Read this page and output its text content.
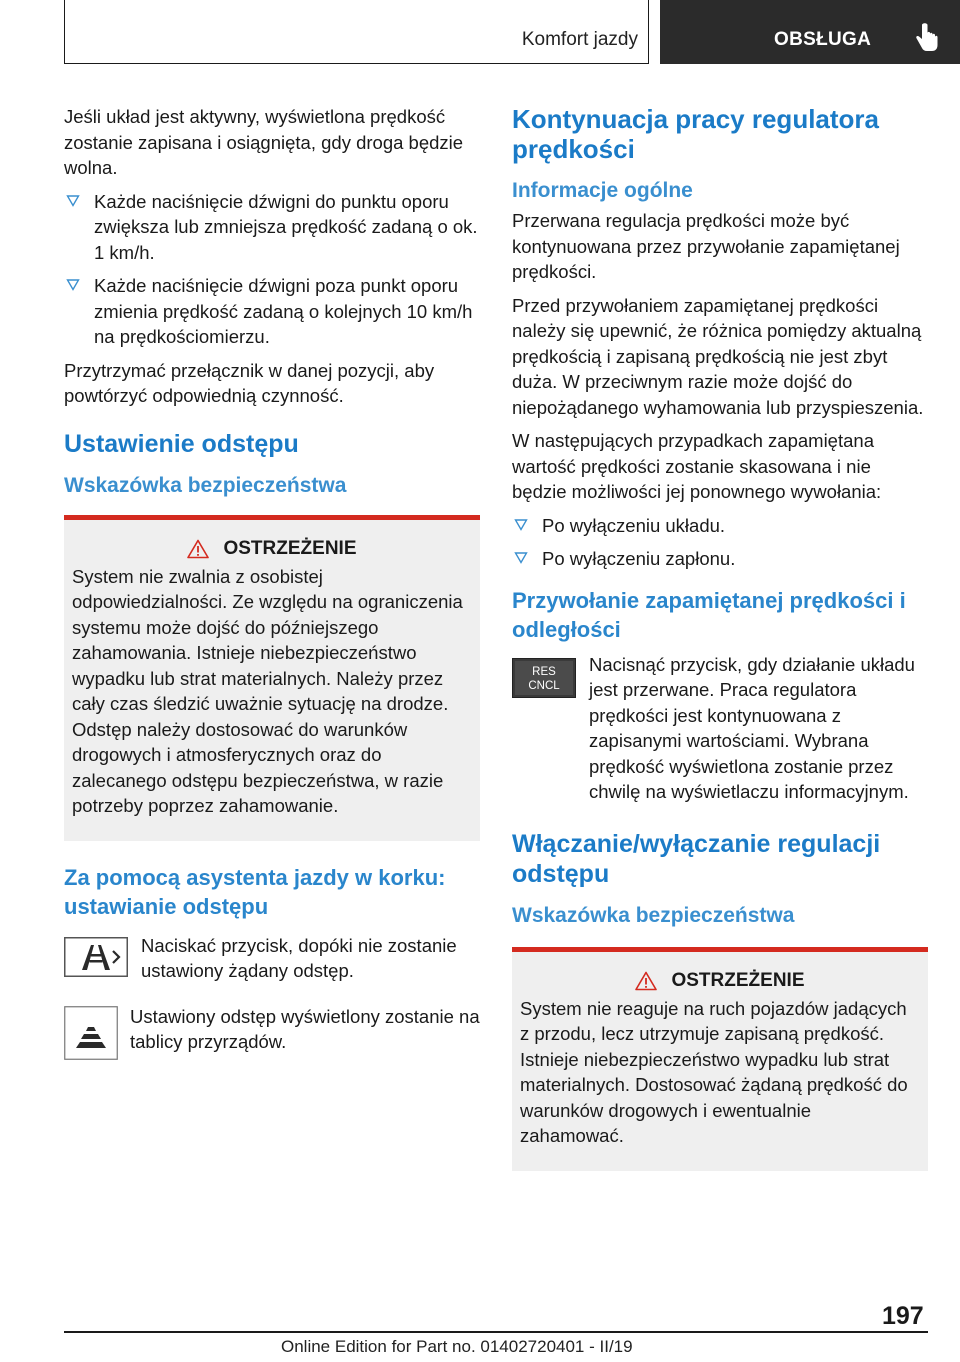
Komfort jazdy	OBSŁUGA

Jeśli układ jest aktywny, wyświetlona prędkość zostanie zapisana i osiągnięta, gdy droga będzie wolna.

Każde naciśnięcie dźwigni do punktu oporu zwiększa lub zmniejsza prędkość zadaną o ok. 1 km/h.
Każde naciśnięcie dźwigni poza punkt oporu zmienia prędkość zadaną o kolejnych 10 km/h na prędkościomierzu.

Przytrzymać przełącznik w danej pozycji, aby powtórzyć odpowiednią czynność.

Ustawienie odstępu
Wskazówka bezpieczeństwa
OSTRZEŻENIE

System nie zwalnia z osobistej odpowiedzialności. Ze względu na ograniczenia systemu może dojść do późniejszego zahamowania. Istnieje niebezpieczeństwo wypadku lub strat materialnych. Należy przez cały czas śledzić uważnie sytuację na drodze. Odstęp należy dostosować do warunków drogowych i atmosferycznych oraz do zalecanego odstępu bezpieczeństwa, w razie potrzeby poprzez zahamowanie.

Za pomocą asystenta jazdy w korku: ustawianie odstępu
Naciskać przycisk, dopóki nie zostanie ustawiony żądany odstęp.
Ustawiony odstęp wyświetlony zostanie na tablicy przyrządów.
Kontynuacja pracy regulatora prędkości
Informacje ogólne

Przerwana regulacja prędkości może być kontynuowana przez przywołanie zapamiętanej prędkości.

Przed przywołaniem zapamiętanej prędkości należy się upewnić, że różnica pomiędzy aktualną prędkością i zapisaną prędkością nie jest zbyt duża. W przeciwnym razie może dojść do niepożądanego wyhamowania lub przyspieszenia.

W następujących przypadkach zapamiętana wartość prędkości zostanie skasowana i nie będzie możliwości jej ponownego wywołania:

Po wyłączeniu układu.
Po wyłączeniu zapłonu.
Przywołanie zapamiętanej prędkości i odległości
RES
CNCL
Nacisnąć przycisk, gdy działanie układu jest przerwane. Praca regulatora prędkości jest kontynuowana z zapisanymi wartościami. Wybrana prędkość wyświetlona zostanie przez chwilę na wyświetlaczu informacyjnym.
Włączanie/wyłączanie regulacji odstępu
Wskazówka bezpieczeństwa
OSTRZEŻENIE

System nie reaguje na ruch pojazdów jadących z przodu, lecz utrzymuje zapisaną prędkość. Istnieje niebezpieczeństwo wypadku lub strat materialnych. Dostosować żądaną prędkość do warunków drogowych i ewentualnie zahamować.

197
Online Edition for Part no. 01402720401 - II/19
